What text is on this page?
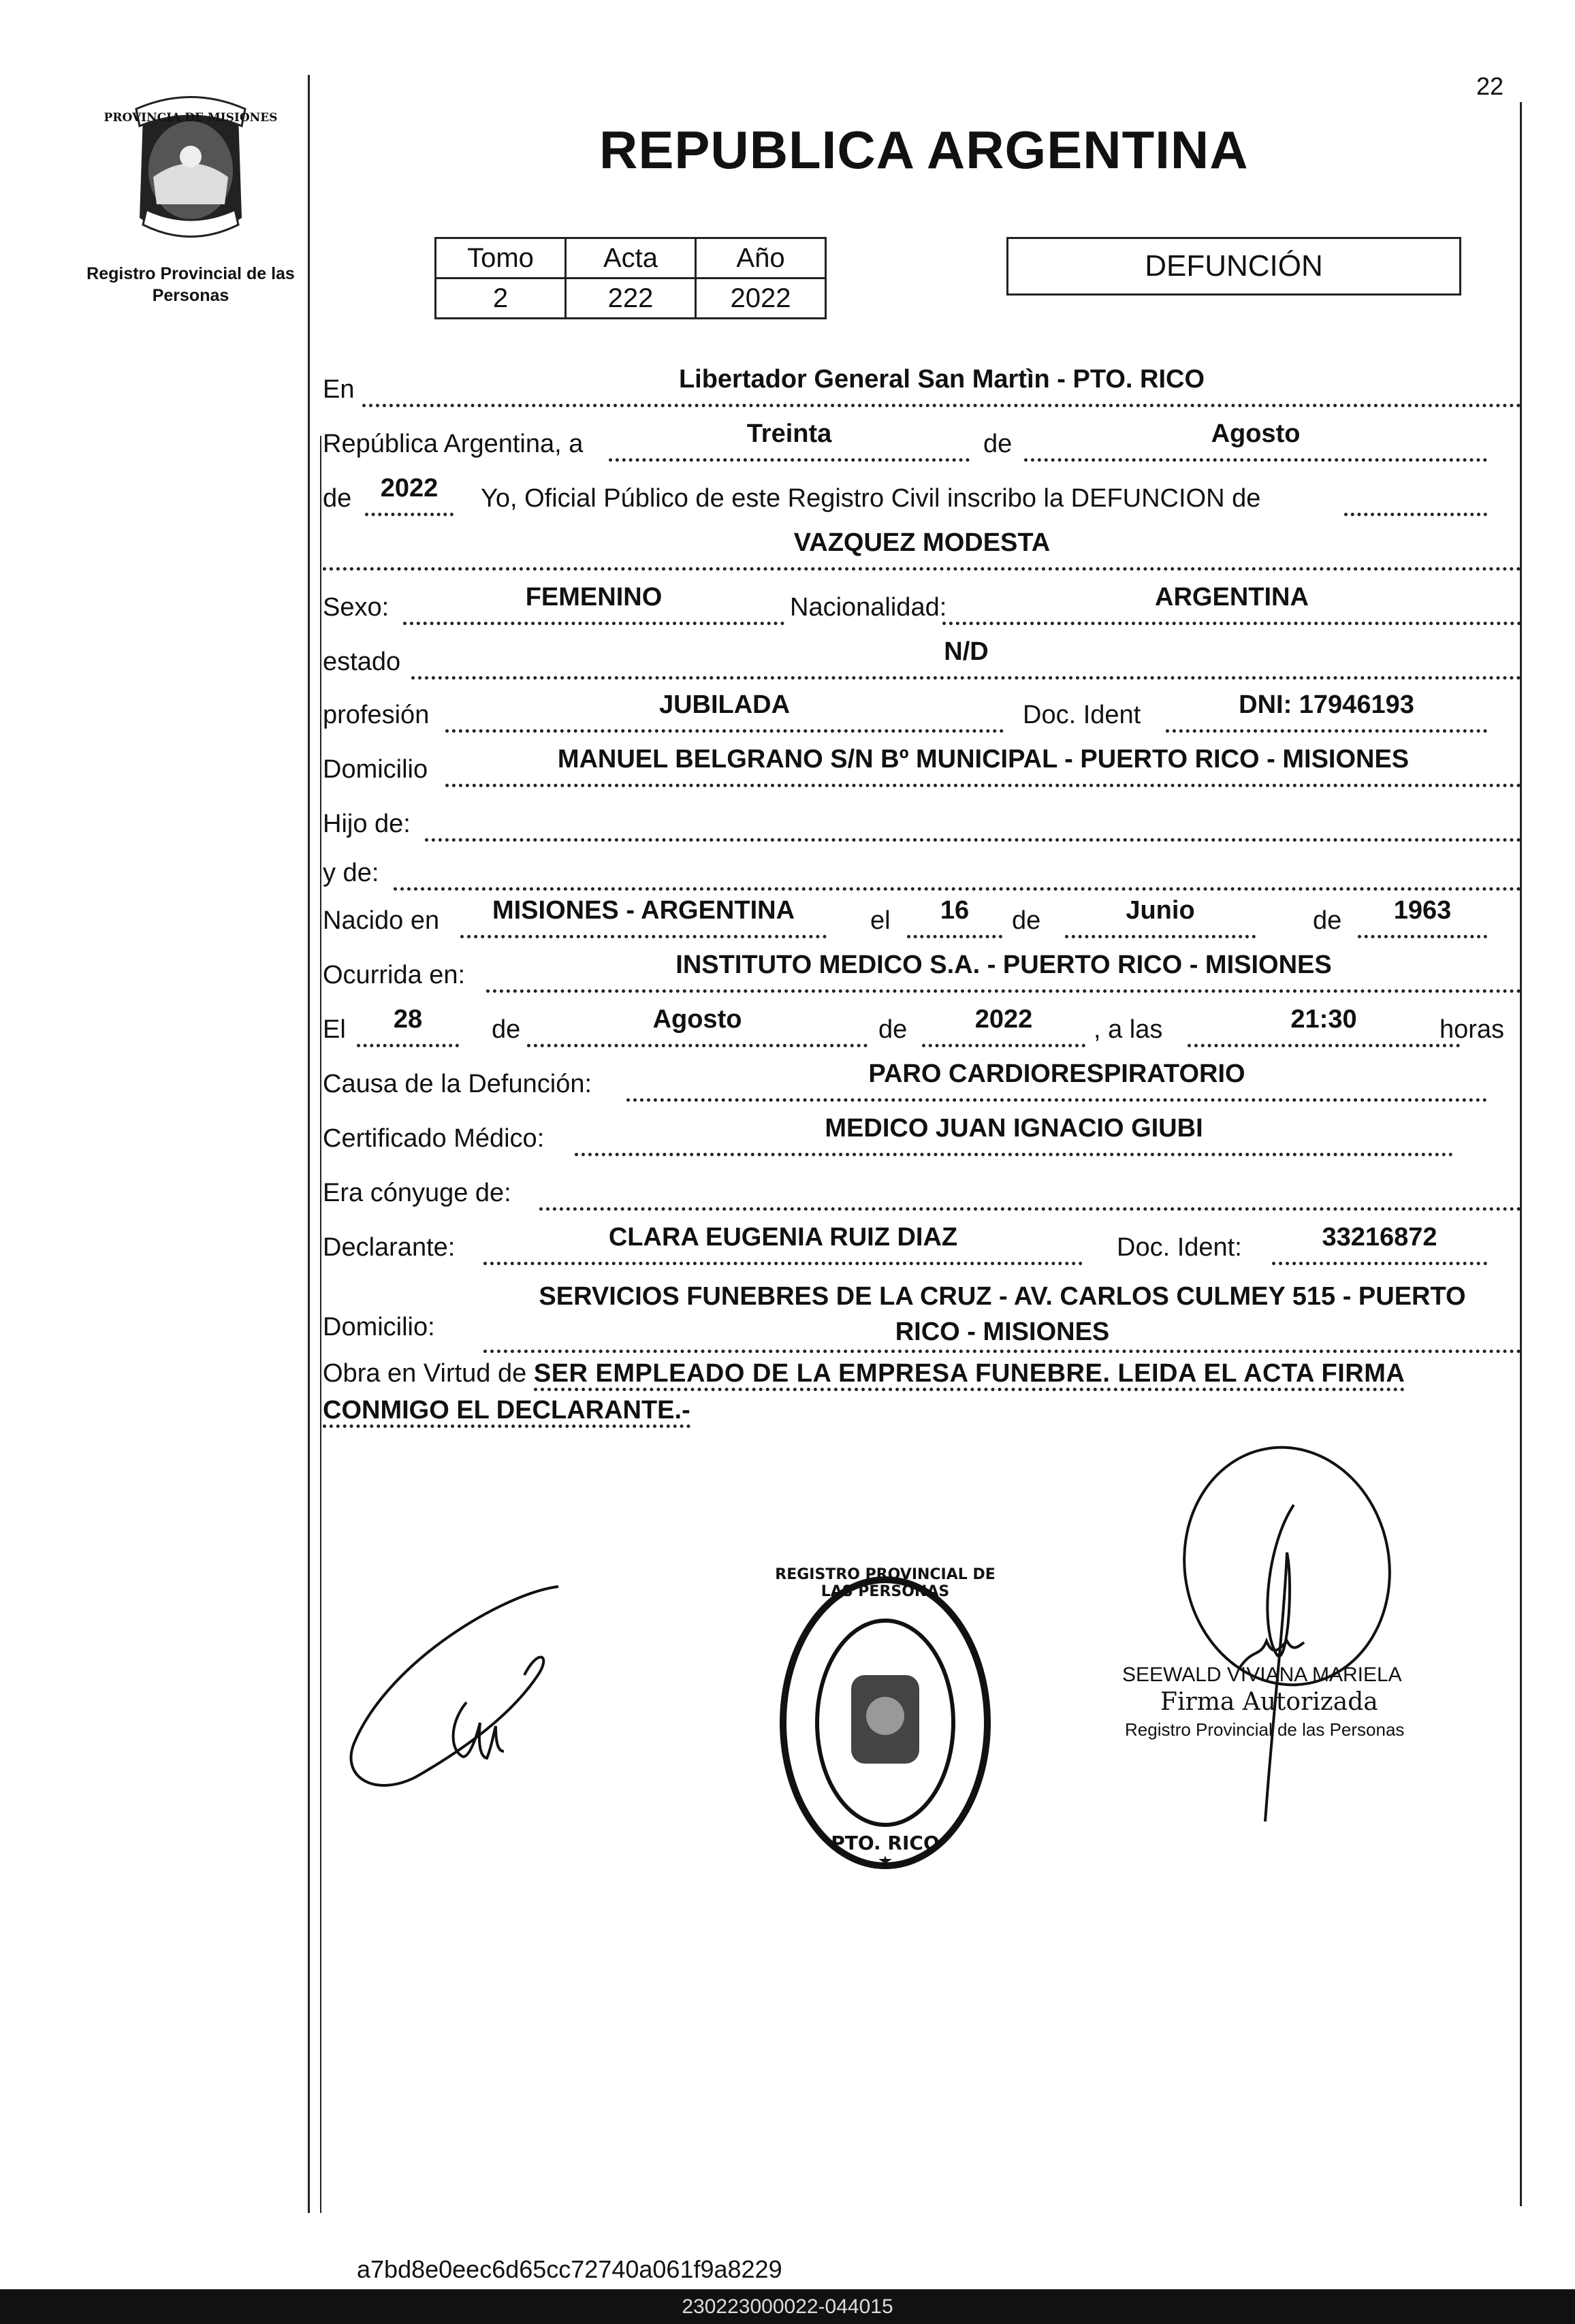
22
PROVINCIA DE MISIONES
Registro Provincial de las Personas
REPUBLICA ARGENTINA
Tomo	Acta	Año
2	222	2022
DEFUNCIÓN
En	Libertador General San Martìn - PTO. RICO
República Argentina, a	Treinta	de	Agosto
de	2022	Yo, Oficial Público de este Registro Civil inscribo la DEFUNCION de
VAZQUEZ MODESTA
Sexo:	FEMENINO	Nacionalidad:	ARGENTINA
estado	N/D
profesión	JUBILADA	Doc. Ident	DNI: 17946193
Domicilio	MANUEL BELGRANO S/N Bº MUNICIPAL - PUERTO RICO - MISIONES
Hijo de:
y de:
Nacido en	MISIONES - ARGENTINA	el	16	de	Junio	de	1963
Ocurrida en:	INSTITUTO MEDICO S.A. - PUERTO RICO - MISIONES
El	28	de	Agosto	de	2022	, a las	21:30	horas
Causa de la Defunción:	PARO CARDIORESPIRATORIO
Certificado Médico:	MEDICO JUAN IGNACIO GIUBI
Era cónyuge de:
Declarante:	CLARA EUGENIA RUIZ DIAZ	Doc. Ident:	33216872
Domicilio:
SERVICIOS FUNEBRES DE LA CRUZ - AV. CARLOS CULMEY 515 - PUERTO
RICO - MISIONES
Obra en Virtud de SER EMPLEADO DE LA EMPRESA FUNEBRE. LEIDA EL ACTA FIRMA
CONMIGO EL DECLARANTE.-
REGISTRO PROVINCIAL DE LAS PERSONAS
PTO. RICO
SEEWALD VIVIANA MARIELA
Firma Autorizada
Registro Provincial de las Personas
a7bd8e0eec6d65cc72740a061f9a8229
230223000022-044015
